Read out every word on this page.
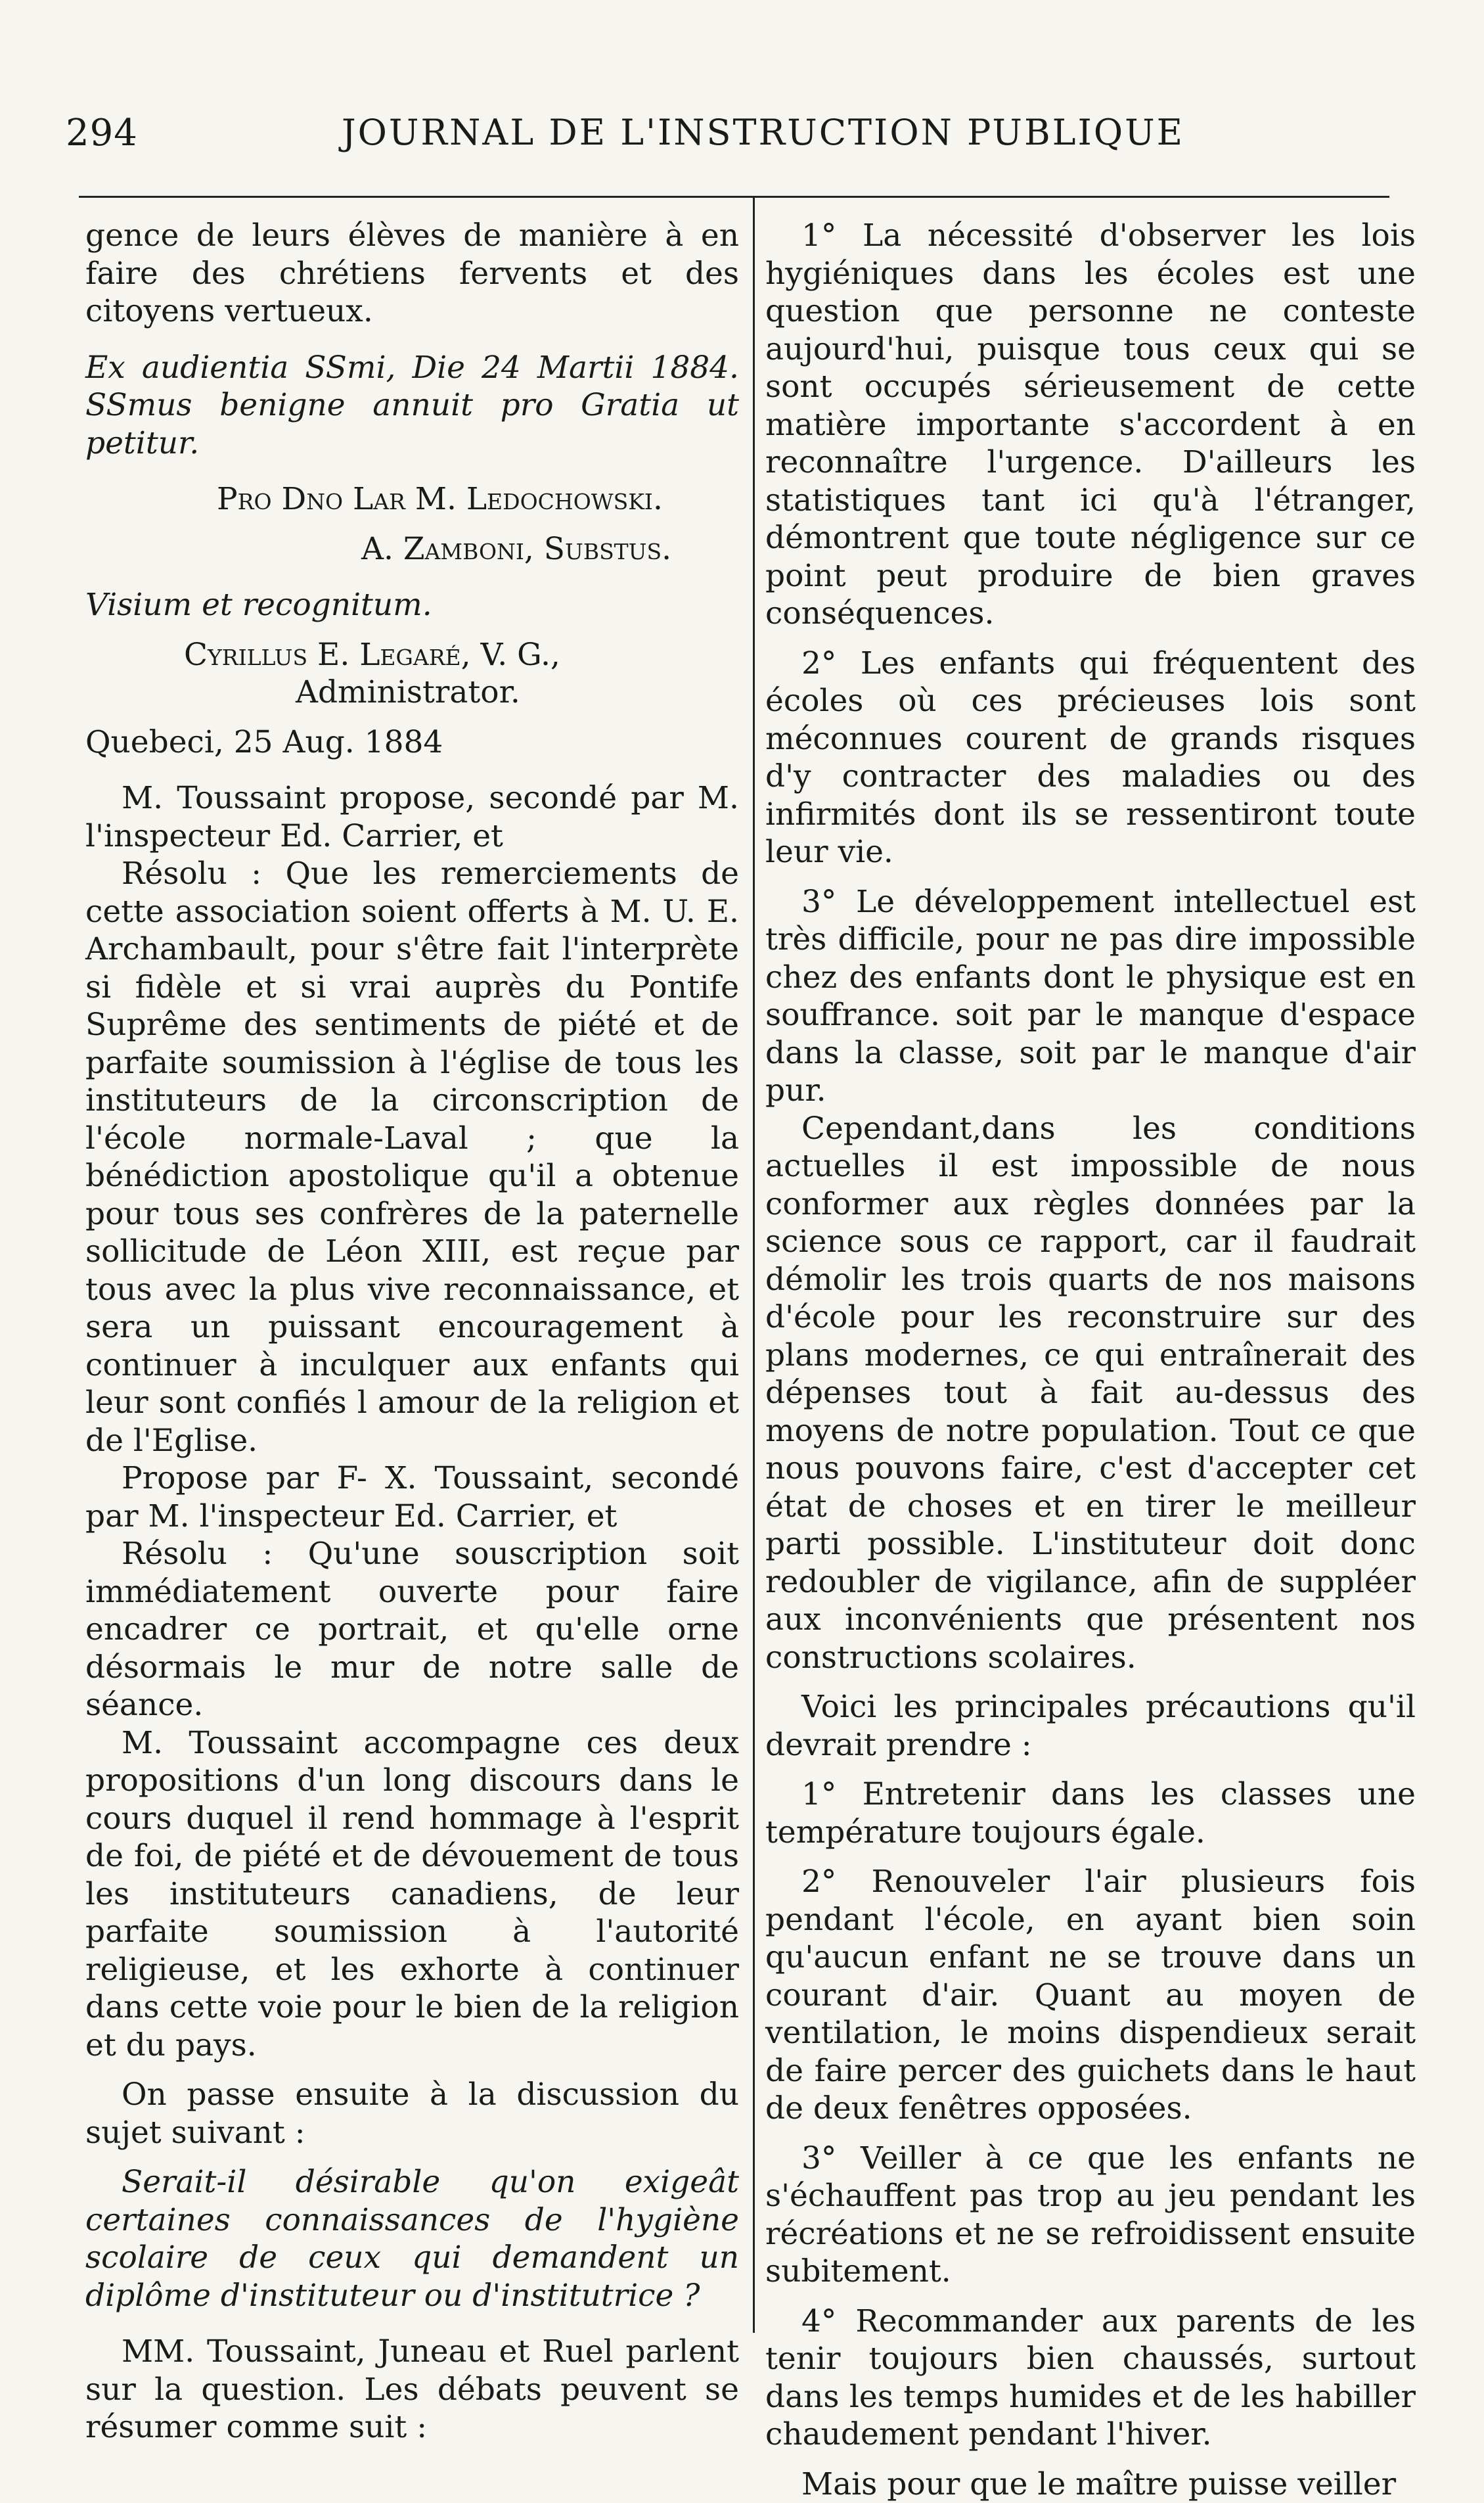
294	JOURNAL DE L'INSTRUCTION PUBLIQUE

gence de leurs élèves de manière à en faire des chrétiens fervents et des citoyens vertueux.

Ex audientia SSmi, Die 24 Martii 1884. SSmus benigne annuit pro Gratia ut petitur.

Pro Dno Lar M. Ledochowski.

A. Zamboni, Substus.

Visium et recognitum.

Cyrillus E. Legaré, V. G.,

Administrator.

Quebeci, 25 Aug. 1884

M. Toussaint propose, secondé par M. l'inspecteur Ed. Carrier, et

Résolu : Que les remerciements de cette association soient offerts à M. U. E. Archambault, pour s'être fait l'interprète si fidèle et si vrai auprès du Pontife Suprême des sentiments de piété et de parfaite soumission à l'église de tous les instituteurs de la circonscription de l'école normale-Laval ; que la bénédiction apostolique qu'il a obtenue pour tous ses confrères de la paternelle sollicitude de Léon XIII, est reçue par tous avec la plus vive reconnaissance, et sera un puissant encouragement à continuer à inculquer aux enfants qui leur sont confiés l amour de la religion et de l'Eglise.

Propose par F- X. Toussaint, secondé par M. l'inspecteur Ed. Carrier, et

Résolu : Qu'une souscription soit immédiatement ouverte pour faire encadrer ce portrait, et qu'elle orne désormais le mur de notre salle de séance.

M. Toussaint accompagne ces deux propositions d'un long discours dans le cours duquel il rend hommage à l'esprit de foi, de piété et de dévouement de tous les instituteurs canadiens, de leur parfaite soumission à l'autorité religieuse, et les exhorte à continuer dans cette voie pour le bien de la religion et du pays.

On passe ensuite à la discussion du sujet suivant :

Serait-il désirable qu'on exigeât certaines connaissances de l'hygiène scolaire de ceux qui demandent un diplôme d'instituteur ou d'institutrice ?

MM. Toussaint, Juneau et Ruel parlent sur la question. Les débats peuvent se résumer comme suit :

1° La nécessité d'observer les lois hygiéniques dans les écoles est une question que personne ne conteste aujourd'hui, puisque tous ceux qui se sont occupés sérieusement de cette matière importante s'accordent à en reconnaître l'urgence. D'ailleurs les statistiques tant ici qu'à l'étranger, démontrent que toute négligence sur ce point peut produire de bien graves conséquences.

2° Les enfants qui fréquentent des écoles où ces précieuses lois sont méconnues courent de grands risques d'y contracter des maladies ou des infirmités dont ils se ressentiront toute leur vie.

3° Le développement intellectuel est très difficile, pour ne pas dire impossible chez des enfants dont le physique est en souffrance. soit par le manque d'espace dans la classe, soit par le manque d'air pur.

Cependant,dans les conditions actuelles il est impossible de nous conformer aux règles données par la science sous ce rapport, car il faudrait démolir les trois quarts de nos maisons d'école pour les reconstruire sur des plans modernes, ce qui entraînerait des dépenses tout à fait au-dessus des moyens de notre population. Tout ce que nous pouvons faire, c'est d'accepter cet état de choses et en tirer le meilleur parti possible. L'instituteur doit donc redoubler de vigilance, afin de suppléer aux inconvénients que présentent nos constructions scolaires.

Voici les principales précautions qu'il devrait prendre :

1° Entretenir dans les classes une température toujours égale.

2° Renouveler l'air plusieurs fois pendant l'école, en ayant bien soin qu'aucun enfant ne se trouve dans un courant d'air. Quant au moyen de ventilation, le moins dispendieux serait de faire percer des guichets dans le haut de deux fenêtres opposées.

3° Veiller à ce que les enfants ne s'échauffent pas trop au jeu pendant les récréations et ne se refroidissent ensuite subitement.

4° Recommander aux parents de les tenir toujours bien chaussés, surtout dans les temps humides et de les habiller chaudement pendant l'hiver.

Mais pour que le maître puisse veiller
